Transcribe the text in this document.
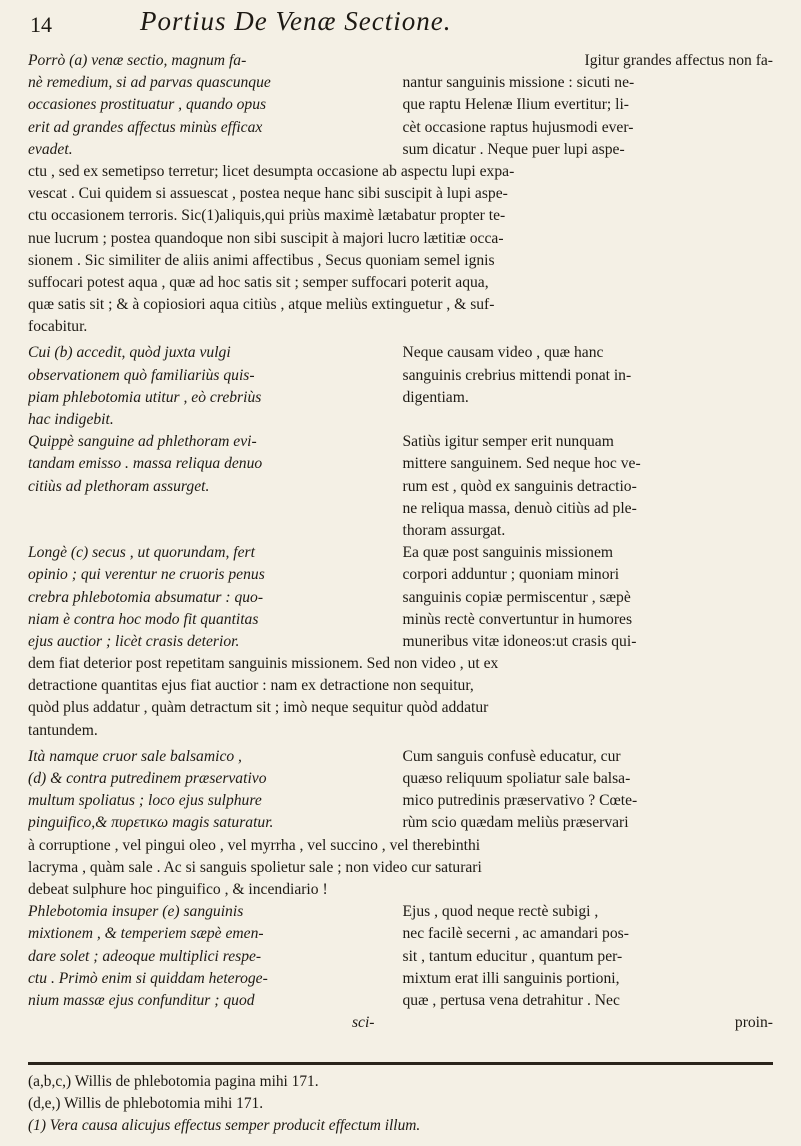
14	Portius De Venæ Sectione.
Porrò (a) venæ sectio, magnum fa-	Igitur grandes affectus non fa-
nè remedium, si ad parvas quascunque	nantur sanguinis missione : sicuti ne-
occasiones prostituatur , quando opus	que raptu Helenæ Ilium evertitur; li-
erit ad grandes affectus minùs efficax	cèt occasione raptus hujusmodi ever-
evadet.	sum dicatur . Neque puer lupi aspe-
ctu , sed ex semetipso terretur; licet desumpta occasione ab aspectu lupi expa-
vescat . Cui quidem si assuescat , postea neque hanc sibi suscipit à lupi aspe-
ctu occasionem terroris. Sic(1)aliquis,qui priùs maximè lætabatur propter te-
nue lucrum ; postea quandoque non sibi suscipit à majori lucro lætitiæ occa-
sionem . Sic similiter de aliis animi affectibus , Secus quoniam semel ignis
suffocari potest aqua , quæ ad hoc satis sit ; semper suffocari poterit aqua,
quæ satis sit ; & à copiosiori aqua citiùs , atque meliùs extinguetur , & suf-
focabitur.
Cui (b) accedit, quòd juxta vulgi	Neque causam video , quæ hanc
observationem quò familiariùs quis-	sanguinis crebrius mittendi ponat in-
piam phlebotomia utitur , eò crebriùs	digentiam.
hac indigebit.
Quippè sanguine ad phlethoram evi-	Satiùs igitur semper erit nunquam
tandam emisso . massa reliqua denuo	mittere sanguinem. Sed neque hoc ve-
citiùs ad plethoram assurget.	rum est , quòd ex sanguinis detractio-
ne reliqua massa, denuò citiùs ad ple-
thoram assurgat.
Longè (c) secus , ut quorundam, fert	Ea quæ post sanguinis missionem
opinio ; qui verentur ne cruoris penus	corpori adduntur ; quoniam minori
crebra phlebotomia absumatur : quo-	sanguinis copiæ permiscentur , sæpè
niam è contra hoc modo fit quantitas	minùs rectè convertuntur in humores
ejus auctior ; licèt crasis deterior.	muneribus vitæ idoneos:ut crasis qui-
dem fiat deterior post repetitam sanguinis missionem. Sed non video , ut ex
detractione quantitas ejus fiat auctior : nam ex detractione non sequitur,
quòd plus addatur , quàm detractum sit ; imò neque sequitur quòd addatur
tantundem.
Ità namque cruor sale balsamico ,	Cum sanguis confusè educatur, cur
(d) & contra putredinem præservativo	quæso reliquum spoliatur sale balsa-
multum spoliatus ; loco ejus sulphure	mico putredinis præservativo ? Cœte-
pinguifico,& πυρετικω magis saturatur.	rùm scio quædam meliùs præservari
à corruptione , vel pingui oleo , vel myrrha , vel succino , vel therebinthi
lacryma , quàm sale . Ac si sanguis spolietur sale ; non video cur saturari
debeat sulphure hoc pinguifico , & incendiario !
Phlebotomia insuper (e) sanguinis	Ejus , quod neque rectè subigi ,
mixtionem , & temperiem sæpè emen-	nec facilè secerni , ac amandari pos-
dare solet ; adeoque multiplici respe-	sit , tantum educitur , quantum per-
ctu . Primò enim si quiddam heteroge-	mixtum erat illi sanguinis portioni,
nium massæ ejus confunditur ; quod	quæ , pertusa vena detrahitur . Nec
sci-	proin-
(a,b,c,) Willis de phlebotomia pagina mihi 171.
(d,e,) Willis de phlebotomia mihi 171.
(1) Vera causa alicujus effectus semper producit effectum illum.
